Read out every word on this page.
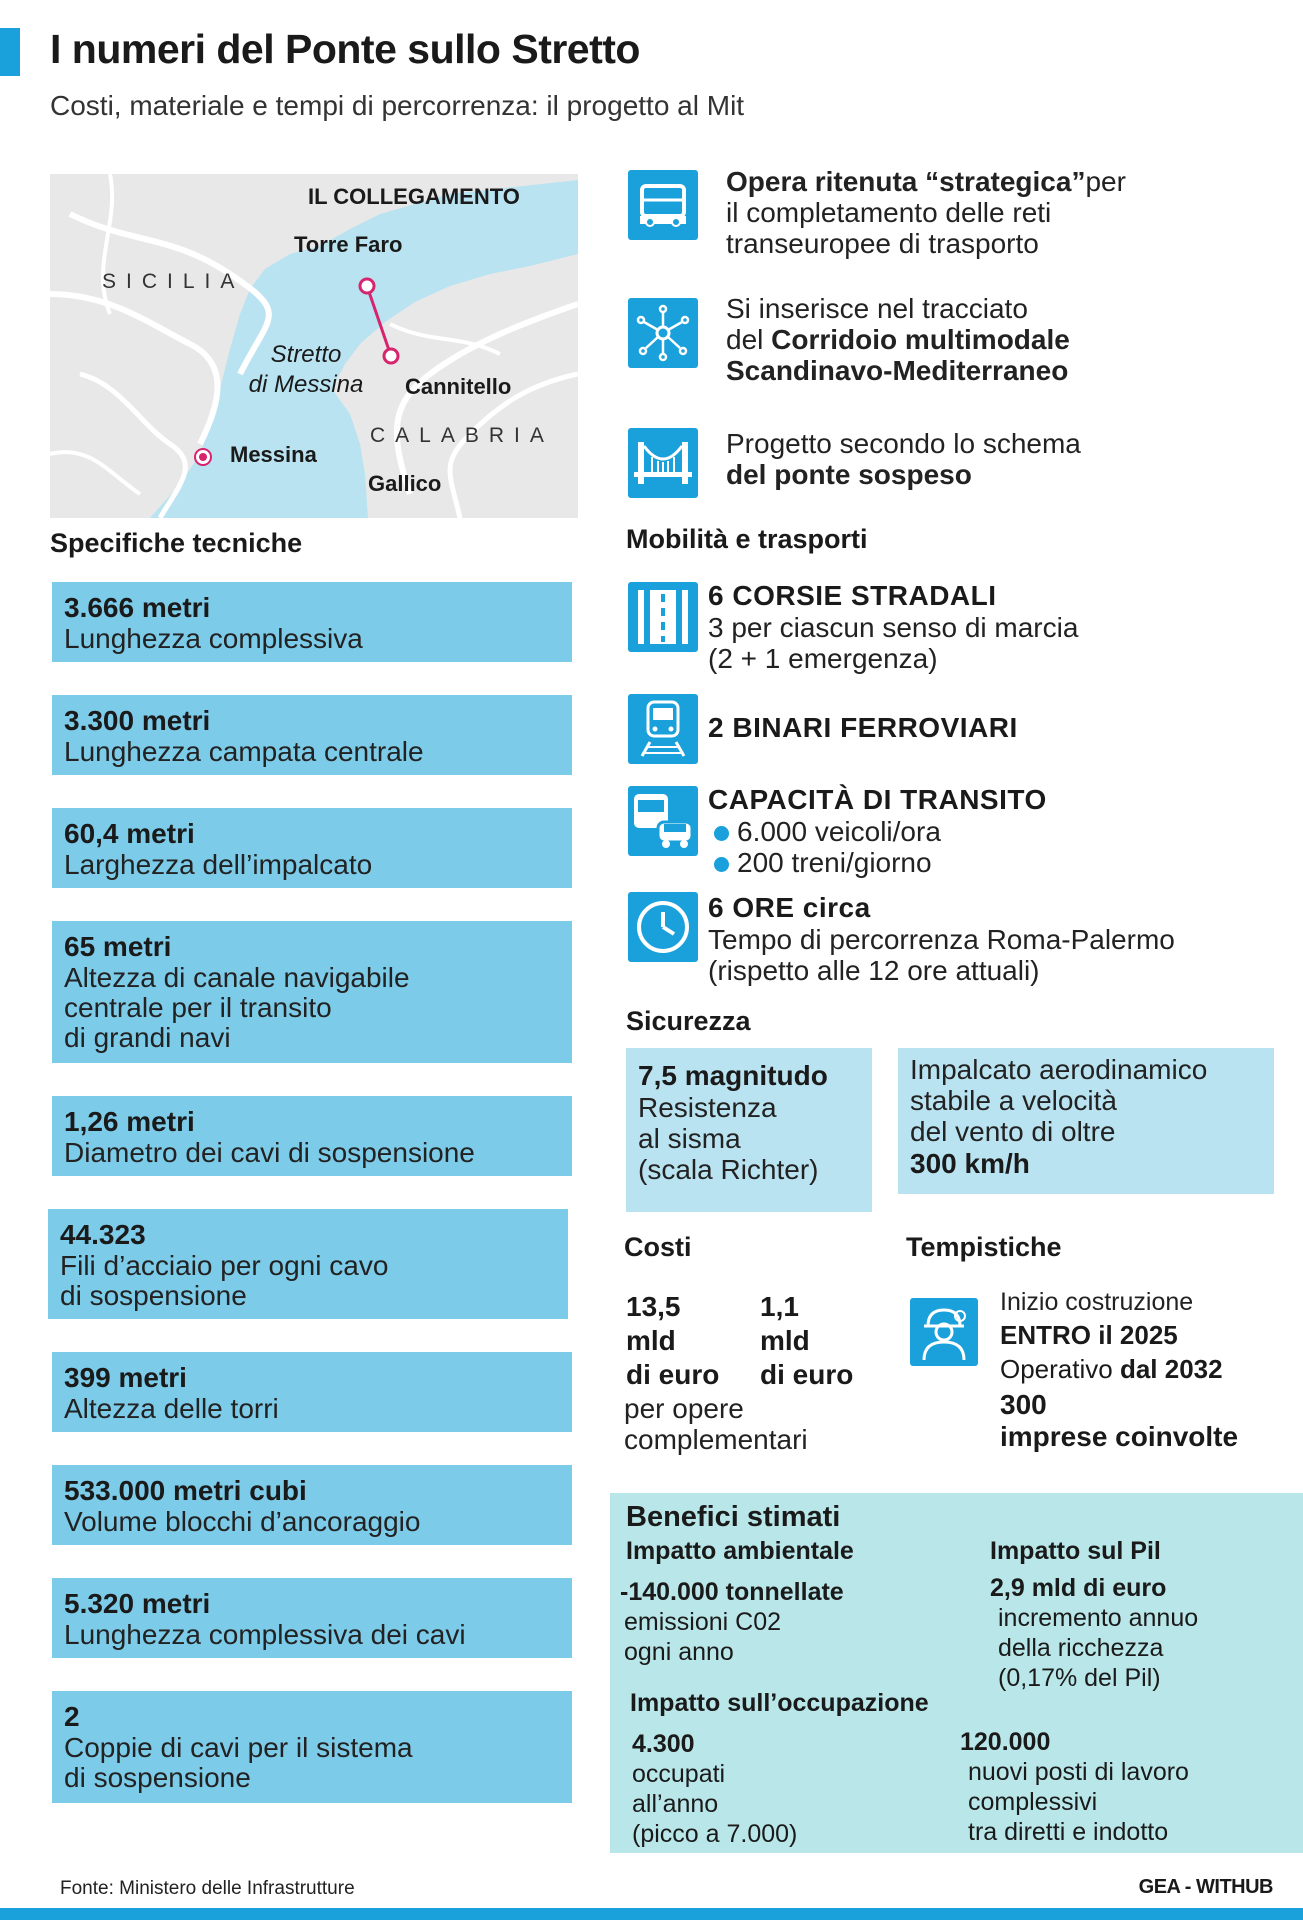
I numeri del Ponte sullo Stretto
Costi, materiale e tempi di percorrenza: il progetto al Mit
IL COLLEGAMENTO
SICILIA
CALABRIA
Torre Faro
Cannitello
Messina
Gallico
Stretto
di Messina
Specifiche tecniche
3.666 metri
Lunghezza complessiva
3.300 metri
Lunghezza campata centrale
60,4 metri
Larghezza dell’impalcato
65 metri
Altezza di canale navigabile
centrale per il transito
di grandi navi
1,26 metri
Diametro dei cavi di sospensione
44.323
Fili d’acciaio per ogni cavo
di sospensione
399 metri
Altezza delle torri
533.000 metri cubi
Volume blocchi d’ancoraggio
5.320 metri
Lunghezza complessiva dei cavi
2
Coppie di cavi per il sistema
di sospensione
Opera ritenuta “strategica”per
il completamento delle reti
transeuropee di trasporto
Si inserisce nel tracciato
del Corridoio multimodale
Scandinavo-Mediterraneo
Progetto secondo lo schema
del ponte sospeso
Mobilità e trasporti
6 CORSIE STRADALI
3 per ciascun senso di marcia
(2 + 1 emergenza)
2 BINARI FERROVIARI
CAPACITÀ DI TRANSITO
6.000 veicoli/ora
200 treni/giorno
6 ORE circa
Tempo di percorrenza Roma-Palermo
(rispetto alle 12 ore attuali)
Sicurezza
7,5 magnitudo
Resistenza
al sisma
(scala Richter)
Impalcato aerodinamico
stabile a velocità
del vento di oltre
300 km/h
Costi
13,5
mld
di euro
1,1
mld
di euro
per opere
complementari
Tempistiche
Inizio costruzione
ENTRO il 2025
Operativo dal 2032
300
imprese coinvolte
Benefici stimati
Impatto ambientale
-140.000 tonnellate
emissioni C02
ogni anno
Impatto sul Pil
2,9 mld di euro
incremento annuo
della ricchezza
(0,17% del Pil)
Impatto sull’occupazione
4.300
occupati
all’anno
(picco a 7.000)
120.000
nuovi posti di lavoro
complessivi
tra diretti e indotto
Fonte: Ministero delle Infrastrutture	GEA - WITHUB
